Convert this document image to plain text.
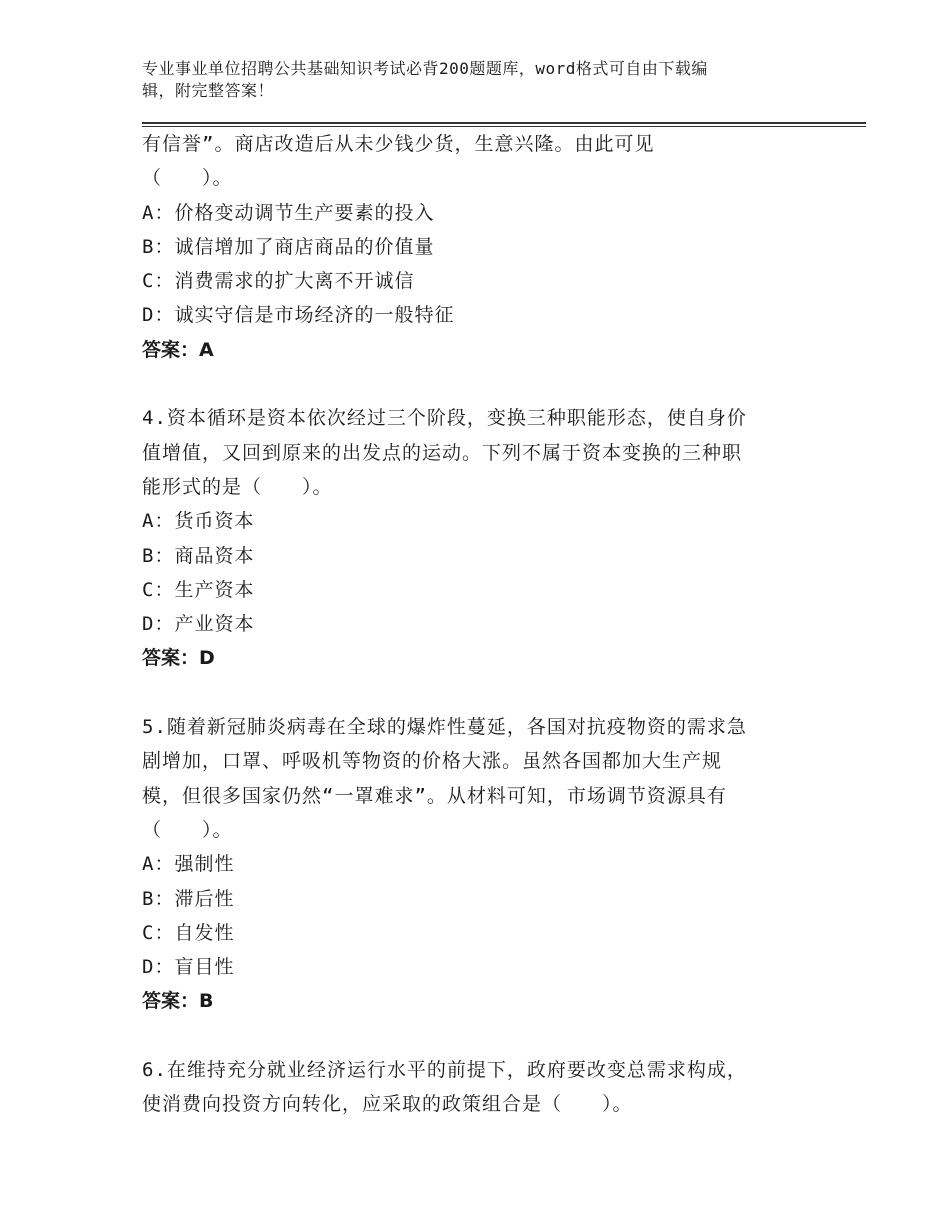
专业事业单位招聘公共基础知识考试必背200题题库，word格式可自由下载编
辑，附完整答案！
有信誉”。商店改造后从未少钱少货，生意兴隆。由此可见
（　　）。
A：价格变动调节生产要素的投入
B：诚信增加了商店商品的价值量
C：消费需求的扩大离不开诚信
D：诚实守信是市场经济的一般特征
答案：A
4.资本循环是资本依次经过三个阶段，变换三种职能形态，使自身价
值增值，又回到原来的出发点的运动。下列不属于资本变换的三种职
能形式的是（　　）。
A：货币资本
B：商品资本
C：生产资本
D：产业资本
答案：D
5.随着新冠肺炎病毒在全球的爆炸性蔓延，各国对抗疫物资的需求急
剧增加，口罩、呼吸机等物资的价格大涨。虽然各国都加大生产规
模，但很多国家仍然“一罩难求”。从材料可知，市场调节资源具有
（　　）。
A：强制性
B：滞后性
C：自发性
D：盲目性
答案：B
6.在维持充分就业经济运行水平的前提下，政府要改变总需求构成，
使消费向投资方向转化，应采取的政策组合是（　　）。
